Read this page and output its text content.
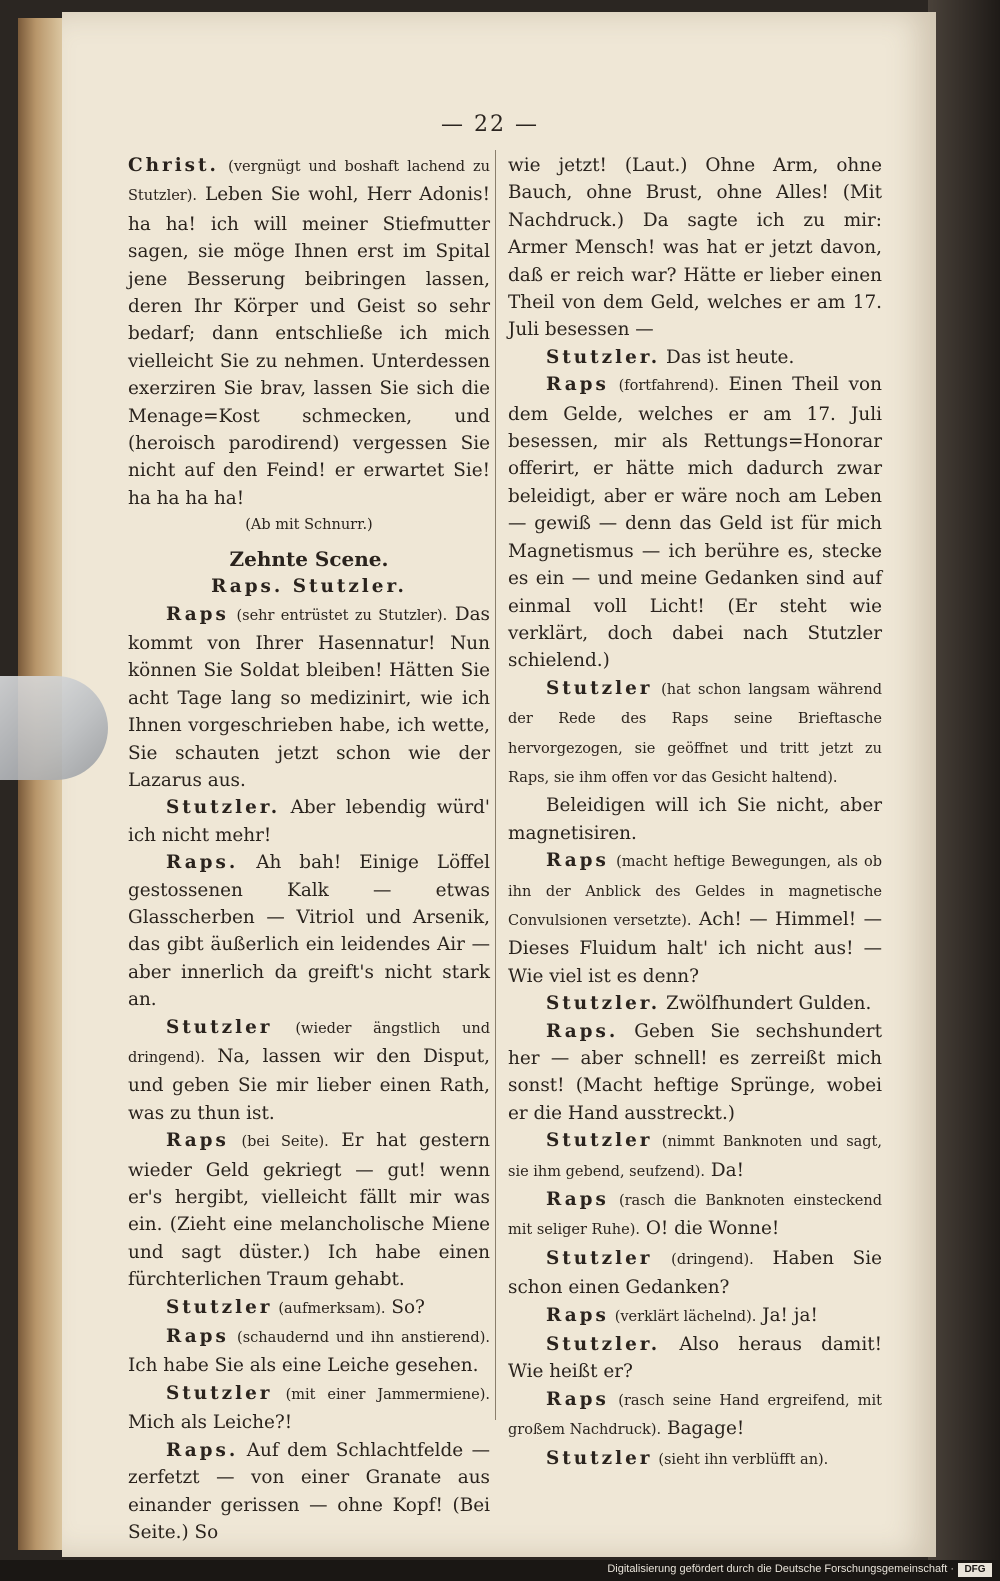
— 22 —

Christ. (vergnügt und boshaft lachend zu Stutzler). Leben Sie wohl, Herr Adonis! ha ha! ich will meiner Stiefmutter sagen, sie möge Ihnen erst im Spital jene Besserung beibringen lassen, deren Ihr Körper und Geist so sehr bedarf; dann entschließe ich mich vielleicht Sie zu nehmen. Unterdessen exerziren Sie brav, lassen Sie sich die Menage=Kost schmecken, und (heroisch parodirend) vergessen Sie nicht auf den Feind! er erwartet Sie! ha ha ha ha!

(Ab mit Schnurr.)

Zehnte Scene.

Raps. Stutzler.

Raps (sehr entrüstet zu Stutzler). Das kommt von Ihrer Hasennatur! Nun können Sie Soldat bleiben! Hätten Sie acht Tage lang so medizinirt, wie ich Ihnen vorgeschrieben habe, ich wette, Sie schauten jetzt schon wie der Lazarus aus.

Stutzler. Aber lebendig würd' ich nicht mehr!

Raps. Ah bah! Einige Löffel gestossenen Kalk — etwas Glasscherben — Vitriol und Arsenik, das gibt äußerlich ein leidendes Air — aber innerlich da greift's nicht stark an.

Stutzler (wieder ängstlich und dringend). Na, lassen wir den Disput, und geben Sie mir lieber einen Rath, was zu thun ist.

Raps (bei Seite). Er hat gestern wieder Geld gekriegt — gut! wenn er's hergibt, vielleicht fällt mir was ein. (Zieht eine melancholische Miene und sagt düster.) Ich habe einen fürchterlichen Traum gehabt.

Stutzler (aufmerksam). So?

Raps (schaudernd und ihn anstierend). Ich habe Sie als eine Leiche gesehen.

Stutzler (mit einer Jammermiene). Mich als Leiche?!

Raps. Auf dem Schlachtfelde — zerfetzt — von einer Granate aus einander gerissen — ohne Kopf! (Bei Seite.) So

wie jetzt! (Laut.) Ohne Arm, ohne Bauch, ohne Brust, ohne Alles! (Mit Nachdruck.) Da sagte ich zu mir: Armer Mensch! was hat er jetzt davon, daß er reich war? Hätte er lieber einen Theil von dem Geld, welches er am 17. Juli besessen —

Stutzler. Das ist heute.

Raps (fortfahrend). Einen Theil von dem Gelde, welches er am 17. Juli besessen, mir als Rettungs=Honorar offerirt, er hätte mich dadurch zwar beleidigt, aber er wäre noch am Leben — gewiß — denn das Geld ist für mich Magnetismus — ich berühre es, stecke es ein — und meine Gedanken sind auf einmal voll Licht! (Er steht wie verklärt, doch dabei nach Stutzler schielend.)

Stutzler (hat schon langsam während der Rede des Raps seine Brieftasche hervorgezogen, sie geöffnet und tritt jetzt zu Raps, sie ihm offen vor das Gesicht haltend).

Beleidigen will ich Sie nicht, aber magnetisiren.

Raps (macht heftige Bewegungen, als ob ihn der Anblick des Geldes in magnetische Convulsionen versetzte). Ach! — Himmel! — Dieses Fluidum halt' ich nicht aus! — Wie viel ist es denn?

Stutzler. Zwölfhundert Gulden.

Raps. Geben Sie sechshundert her — aber schnell! es zerreißt mich sonst! (Macht heftige Sprünge, wobei er die Hand ausstreckt.)

Stutzler (nimmt Banknoten und sagt, sie ihm gebend, seufzend). Da!

Raps (rasch die Banknoten einsteckend mit seliger Ruhe). O! die Wonne!

Stutzler (dringend). Haben Sie schon einen Gedanken?

Raps (verklärt lächelnd). Ja! ja!

Stutzler. Also heraus damit! Wie heißt er?

Raps (rasch seine Hand ergreifend, mit großem Nachdruck). Bagage!

Stutzler (sieht ihn verblüfft an).

Digitalisierung gefördert durch die Deutsche Forschungsgemeinschaft ·	DFG
